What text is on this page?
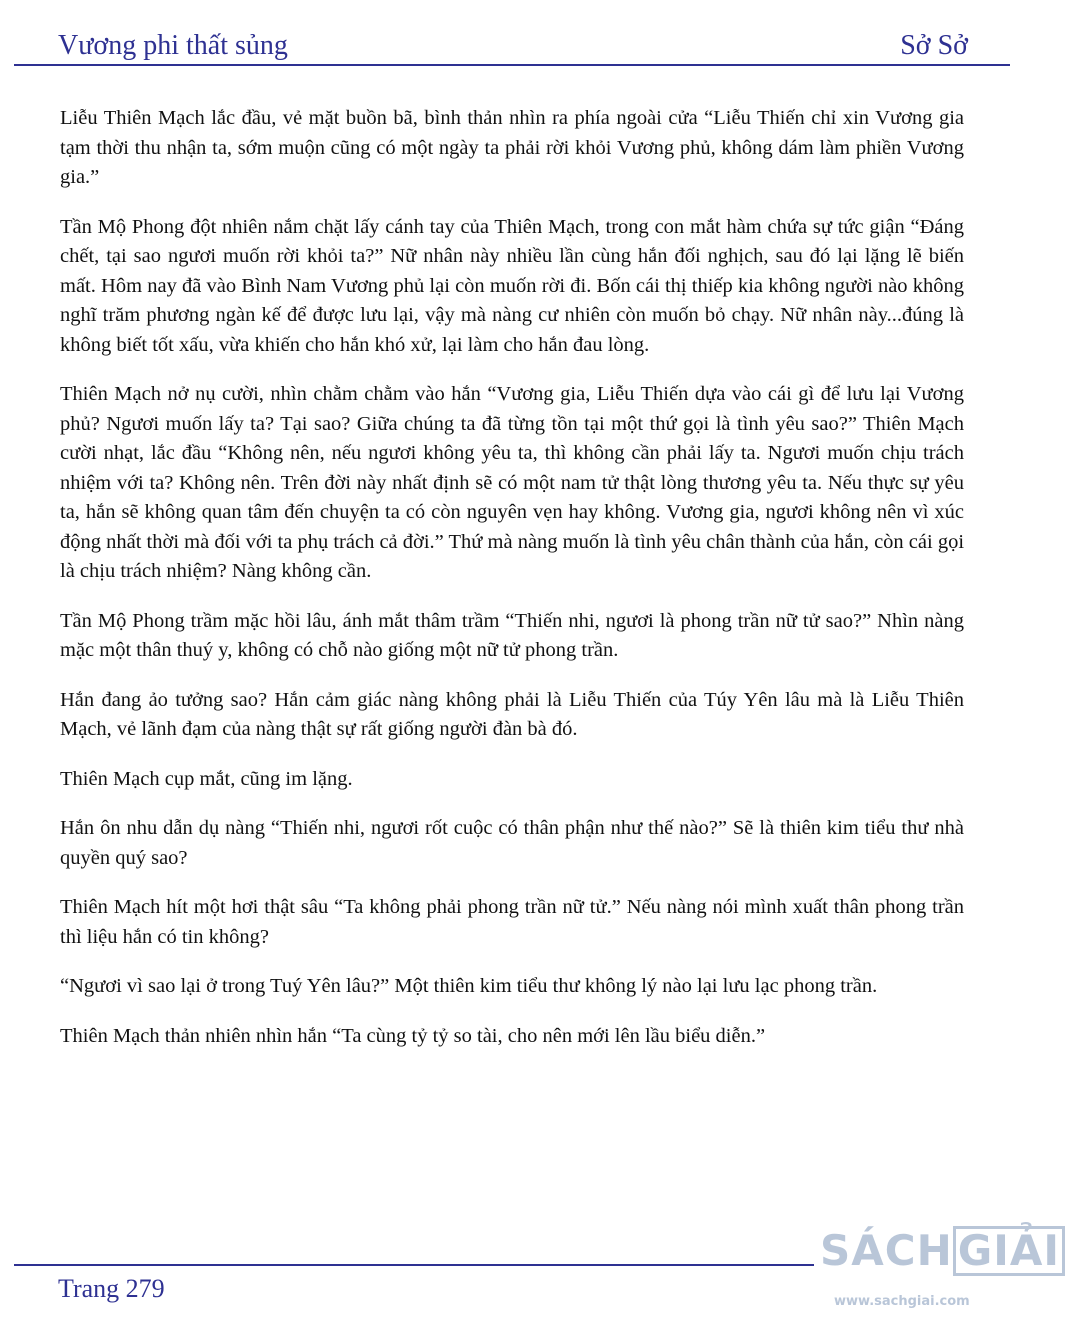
Vương phi thất sủng	Sở Sở

Liễu Thiên Mạch lắc đầu, vẻ mặt buồn bã, bình thản nhìn ra phía ngoài cửa “Liễu Thiến chỉ xin Vương gia tạm thời thu nhận ta, sớm muộn cũng có một ngày ta phải rời khỏi Vương phủ, không dám làm phiền Vương gia.”

Tần Mộ Phong đột nhiên nắm chặt lấy cánh tay của Thiên Mạch, trong con mắt hàm chứa sự tức giận “Đáng chết, tại sao ngươi muốn rời khỏi ta?” Nữ nhân này nhiều lần cùng hắn đối nghịch, sau đó lại lặng lẽ biến mất. Hôm nay đã vào Bình Nam Vương phủ lại còn muốn rời đi. Bốn cái thị thiếp kia không người nào không nghĩ trăm phương ngàn kế để được lưu lại, vậy mà nàng cư nhiên còn muốn bỏ chạy. Nữ nhân này...đúng là không biết tốt xấu, vừa khiến cho hắn khó xử, lại làm cho hắn đau lòng.

Thiên Mạch nở nụ cười, nhìn chằm chằm vào hắn “Vương gia, Liễu Thiến dựa vào cái gì để lưu lại Vương phủ? Ngươi muốn lấy ta? Tại sao? Giữa chúng ta đã từng tồn tại một thứ gọi là tình yêu sao?” Thiên Mạch cười nhạt, lắc đầu “Không nên, nếu ngươi không yêu ta, thì không cần phải lấy ta. Ngươi muốn chịu trách nhiệm với ta? Không nên. Trên đời này nhất định sẽ có một nam tử thật lòng thương yêu ta. Nếu thực sự yêu ta, hắn sẽ không quan tâm đến chuyện ta có còn nguyên vẹn hay không. Vương gia, ngươi không nên vì xúc động nhất thời mà đối với ta phụ trách cả đời.” Thứ mà nàng muốn là tình yêu chân thành của hắn, còn cái gọi là chịu trách nhiệm? Nàng không cần.

Tần Mộ Phong trầm mặc hồi lâu, ánh mắt thâm trầm “Thiến nhi, ngươi là phong trần nữ tử sao?” Nhìn nàng mặc một thân thuý y, không có chỗ nào giống một nữ tử phong trần.

Hắn đang ảo tưởng sao? Hắn cảm giác nàng không phải là Liễu Thiến của Túy Yên lâu mà là Liễu Thiên Mạch, vẻ lãnh đạm của nàng thật sự rất giống người đàn bà đó.

Thiên Mạch cụp mắt, cũng im lặng.

Hắn ôn nhu dẫn dụ nàng “Thiến nhi, ngươi rốt cuộc có thân phận như thế nào?” Sẽ là thiên kim tiểu thư nhà quyền quý sao?

Thiên Mạch hít một hơi thật sâu “Ta không phải phong trần nữ tử.” Nếu nàng nói mình xuất thân phong trần thì liệu hắn có tin không?

“Ngươi vì sao lại ở trong Tuý Yên lâu?” Một thiên kim tiểu thư không lý nào lại lưu lạc phong trần.

Thiên Mạch thản nhiên nhìn hắn “Ta cùng tỷ tỷ so tài, cho nên mới lên lầu biểu diễn.”

Trang 279
SÁCH GIẢI
www.sachgiai.com
